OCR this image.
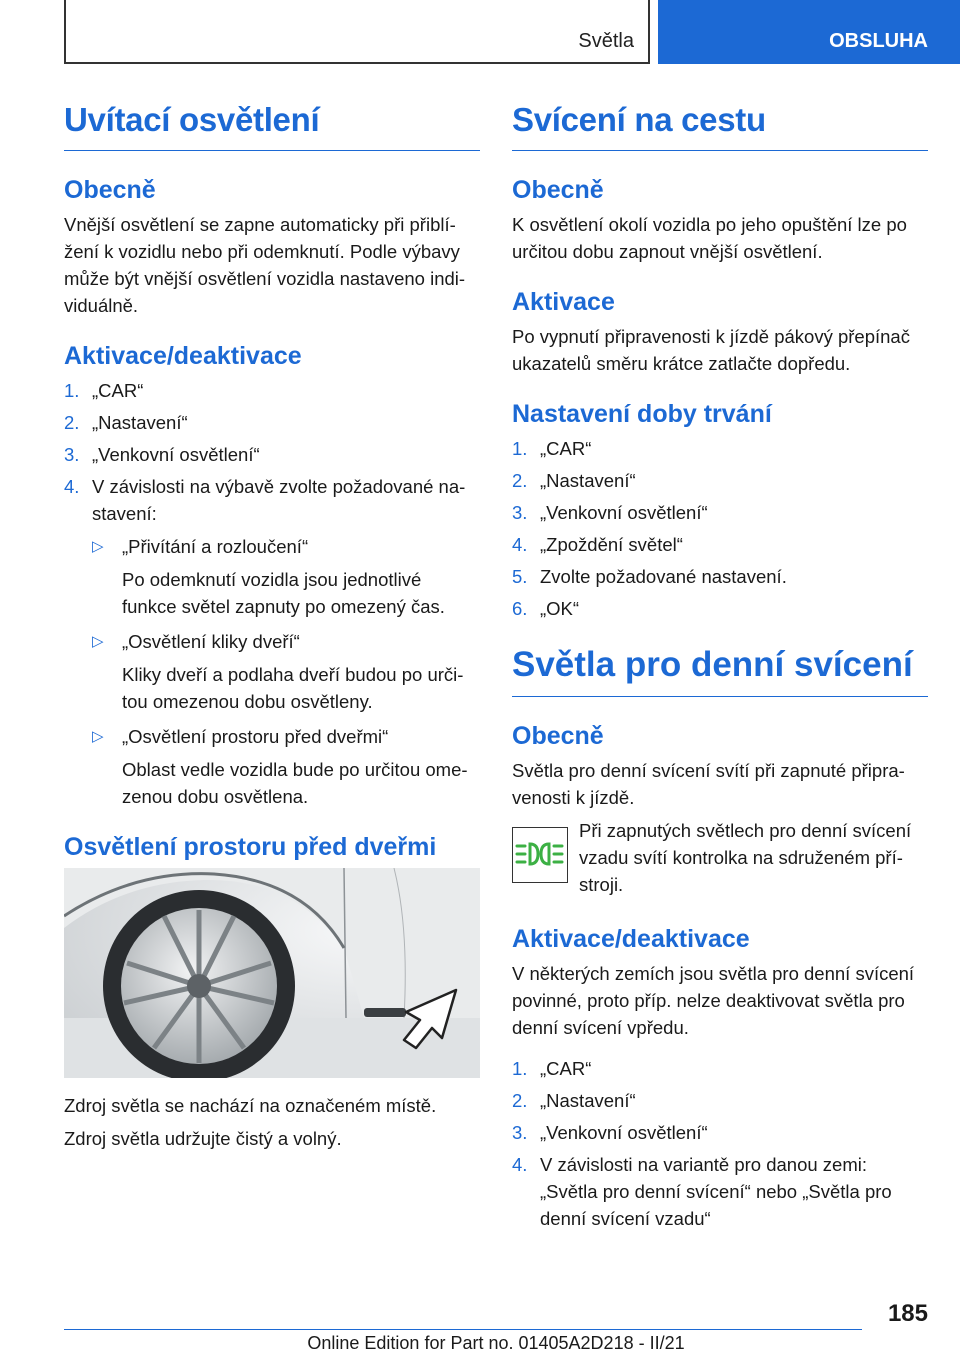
Světla	OBSLUHA
Uvítací osvětlení
Obecně

Vnější osvětlení se zapne automaticky při přiblí‐žení k vozidlu nebo při odemknutí. Podle výbavy může být vnější osvětlení vozidla nastaveno indi‐viduálně.

Aktivace/deaktivace
1. „CAR“
2. „Nastavení“
3. „Venkovní osvětlení“
4. V závislosti na výbavě zvolte požadované na‐stavení:
▷ „Přivítání a rozloučení“
Po odemknutí vozidla jsou jednotlivé funkce světel zapnuty po omezený čas.
▷ „Osvětlení kliky dveří“
Kliky dveří a podlaha dveří budou po urči‐tou omezenou dobu osvětleny.
▷ „Osvětlení prostoru před dveřmi“
Oblast vedle vozidla bude po určitou ome‐zenou dobu osvětlena.
Osvětlení prostoru před dveřmi

Zdroj světla se nachází na označeném místě.

Zdroj světla udržujte čistý a volný.

Svícení na cestu
Obecně

K osvětlení okolí vozidla po jeho opuštění lze po určitou dobu zapnout vnější osvětlení.

Aktivace

Po vypnutí připravenosti k jízdě pákový přepínač ukazatelů směru krátce zatlačte dopředu.

Nastavení doby trvání
1. „CAR“
2. „Nastavení“
3. „Venkovní osvětlení“
4. „Zpoždění světel“
5. Zvolte požadované nastavení.
6. „OK“
Světla pro denní svícení
Obecně

Světla pro denní svícení svítí při zapnuté připra‐venosti k jízdě.

Při zapnutých světlech pro denní svícení vzadu svítí kontrolka na sdruženém pří‐stroji.

Aktivace/deaktivace

V některých zemích jsou světla pro denní svícení povinné, proto příp. nelze deaktivovat světla pro denní svícení vpředu.

1. „CAR“
2. „Nastavení“
3. „Venkovní osvětlení“
4. V závislosti na variantě pro danou zemi: „Světla pro denní svícení“ nebo „Světla pro denní svícení vzadu“
185
Online Edition for Part no. 01405A2D218 - II/21
